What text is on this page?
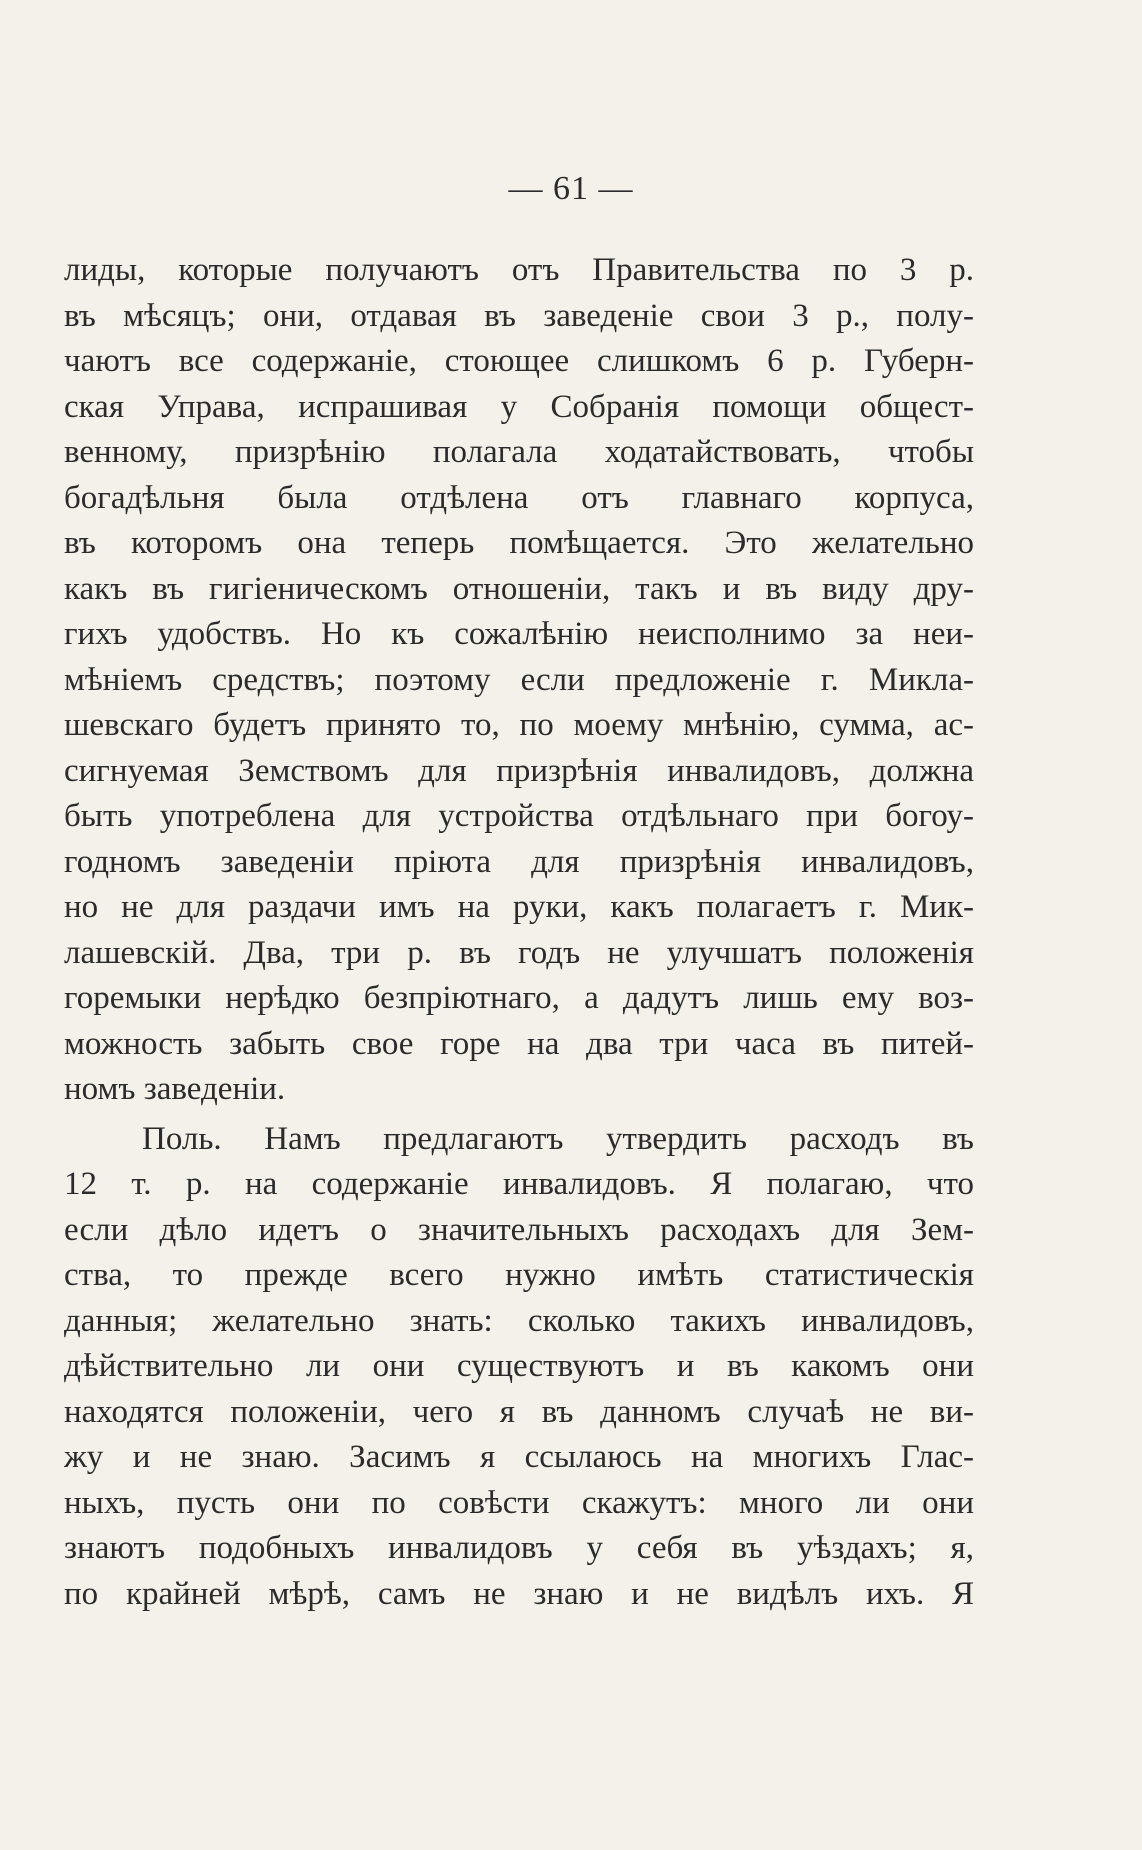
— 61 —
лиды, которые получаютъ отъ Правительства по 3 р.
въ мѣсяцъ; они, отдавая въ заведеніе свои 3 р., полу-
чаютъ все содержаніе, стоющее слишкомъ 6 р. Губерн-
ская Управа, испрашивая у Собранія помощи общест-
венному, призрѣнію полагала ходатайствовать, чтобы
богадѣльня была отдѣлена отъ главнаго корпуса,
въ которомъ она теперь помѣщается. Это желательно
какъ въ гигіеническомъ отношеніи, такъ и въ виду дру-
гихъ удобствъ. Но къ сожалѣнію неисполнимо за неи-
мѣніемъ средствъ; поэтому если предложеніе г. Микла-
шевскаго будетъ принято то, по моему мнѣнію, сумма, ас-
сигнуемая Земствомъ для призрѣнія инвалидовъ, должна
быть употреблена для устройства отдѣльнаго при богоу-
годномъ заведеніи пріюта для призрѣнія инвалидовъ,
но не для раздачи имъ на руки, какъ полагаетъ г. Мик-
лашевскій. Два, три р. въ годъ не улучшатъ положенія
горемыки нерѣдко безпріютнаго, а дадутъ лишь ему воз-
можность забыть свое горе на два три часа въ питей-
номъ заведеніи.
Поль. Намъ предлагаютъ утвердить расходъ въ
12 т. р. на содержаніе инвалидовъ. Я полагаю, что
если дѣло идетъ о значительныхъ расходахъ для Зем-
ства, то прежде всего нужно имѣть статистическія
данныя; желательно знать: сколько такихъ инвалидовъ,
дѣйствительно ли они существуютъ и въ какомъ они
находятся положеніи, чего я въ данномъ случаѣ не ви-
жу и не знаю. Засимъ я ссылаюсь на многихъ Глас-
ныхъ, пусть они по совѣсти скажутъ: много ли они
знаютъ подобныхъ инвалидовъ у себя въ уѣздахъ; я,
по крайней мѣрѣ, самъ не знаю и не видѣлъ ихъ. Я
